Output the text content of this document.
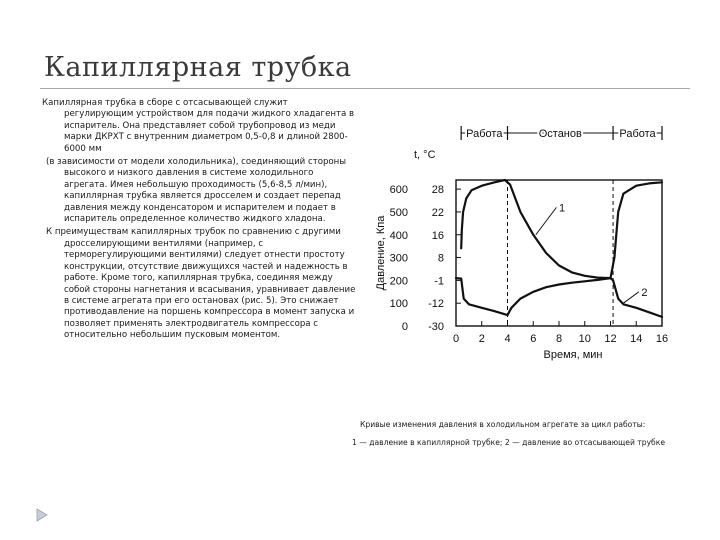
Капиллярная трубка

Капиллярная трубка в сборе с отсасывающей служит регулирующим устройством для подачи жидкого хладагента в испаритель. Она представляет собой трубопровод из меди марки ДКРХТ с внутренним диаметром 0,5-0,8 и длиной 2800-6000 мм

(в зависимости от модели холодильника), соединяющий стороны высокого и низкого давления в системе холодильного агрегата. Имея небольшую проходимость (5,6-8,5 л/мин), капиллярная трубка является дросселем и создает перепад давления между конденсатором и испарителем и подает в испаритель определенное количество жидкого хладона.

К преимуществам капиллярных трубок по сравнению с другими дросселирующими вентилями (например, с терморегулирующими вентилями) следует отнести простоту конструкции, отсутствие движущихся частей и надежность в работе. Кроме того, капиллярная трубка, соединяя между собой стороны нагнетания и всасывания, уравнивает давление в системе агрегата при его остановах (рис. 5). Это снижает противодавление на поршень компрессора в момент запуска и позволяет применять электродвигатель компрессора с относительно небольшим пусковым моментом.

Работа	Останов	Работа
t, °C
Давление, Кпа
Время, мин
0 -30
100 -12
200 -1
300	8
400 16
500 22
600 28
0 2 4 6 8 10 12 14 16
1
2
Кривые изменения давления в холодильном агрегате за цикл работы:
1 — давление в капиллярной трубке; 2 — давление во отсасывающей трубке
